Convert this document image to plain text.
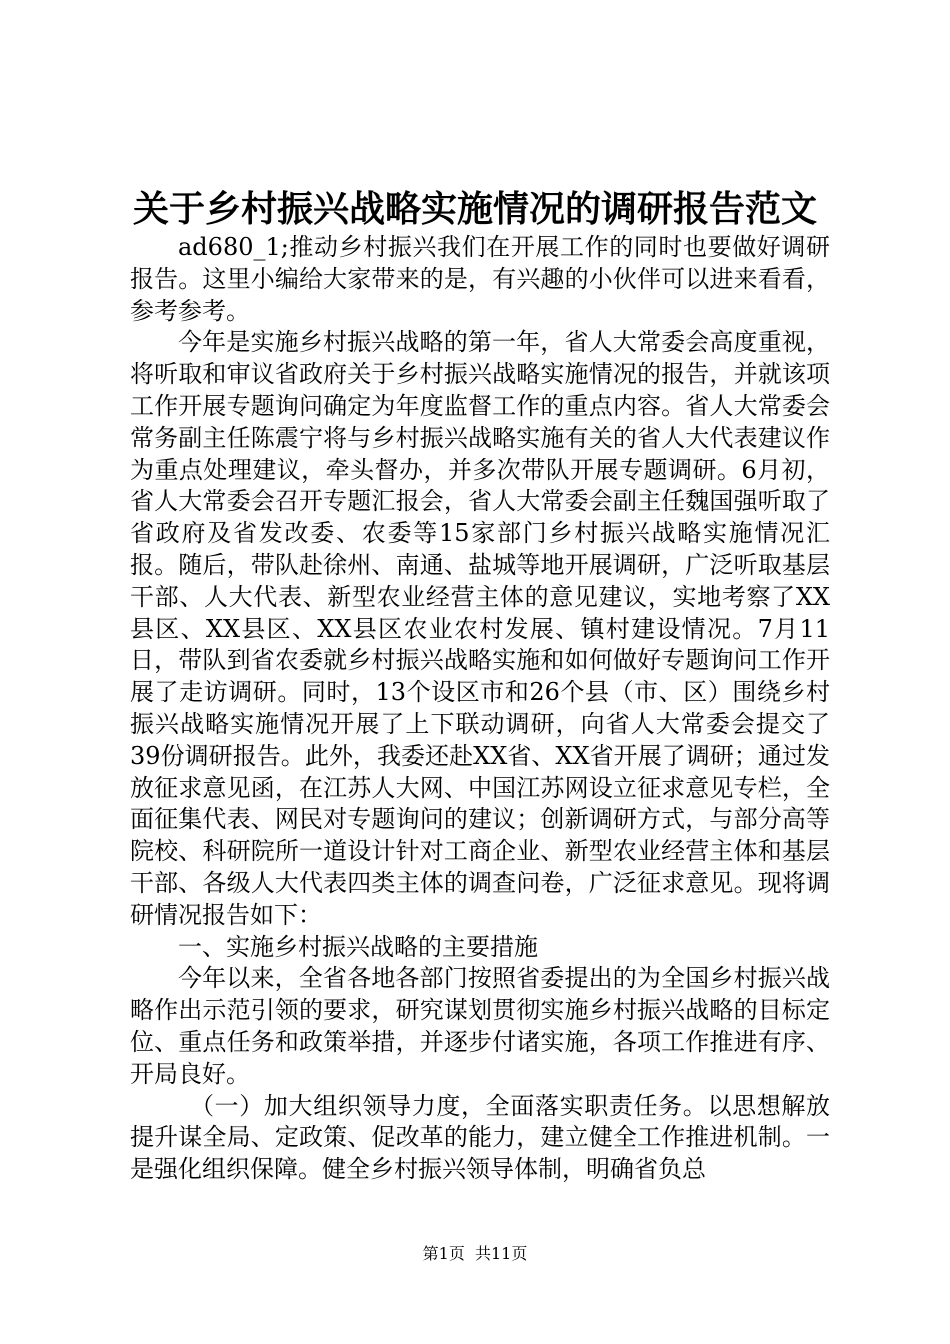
关于乡村振兴战略实施情况的调研报告范文

ad680_1;推动乡村振兴我们在开展工作的同时也要做好调研报告。这里小编给大家带来的是，有兴趣的小伙伴可以进来看看，参考参考。

今年是实施乡村振兴战略的第一年，省人大常委会高度重视，将听取和审议省政府关于乡村振兴战略实施情况的报告，并就该项工作开展专题询问确定为年度监督工作的重点内容。省人大常委会常务副主任陈震宁将与乡村振兴战略实施有关的省人大代表建议作为重点处理建议，牵头督办，并多次带队开展专题调研。6月初，省人大常委会召开专题汇报会，省人大常委会副主任魏国强听取了省政府及省发改委、农委等15家部门乡村振兴战略实施情况汇报。随后，带队赴徐州、南通、盐城等地开展调研，广泛听取基层干部、人大代表、新型农业经营主体的意见建议，实地考察了XX县区、XX县区、XX县区农业农村发展、镇村建设情况。7月11日，带队到省农委就乡村振兴战略实施和如何做好专题询问工作开展了走访调研。同时，13个设区市和26个县（市、区）围绕乡村振兴战略实施情况开展了上下联动调研，向省人大常委会提交了39份调研报告。此外，我委还赴XX省、XX省开展了调研；通过发放征求意见函，在江苏人大网、中国江苏网设立征求意见专栏，全面征集代表、网民对专题询问的建议；创新调研方式，与部分高等院校、科研院所一道设计针对工商企业、新型农业经营主体和基层干部、各级人大代表四类主体的调查问卷，广泛征求意见。现将调研情况报告如下：

一、实施乡村振兴战略的主要措施

今年以来，全省各地各部门按照省委提出的为全国乡村振兴战略作出示范引领的要求，研究谋划贯彻实施乡村振兴战略的目标定位、重点任务和政策举措，并逐步付诸实施，各项工作推进有序、开局良好。

（一）加大组织领导力度，全面落实职责任务。以思想解放提升谋全局、定政策、促改革的能力，建立健全工作推进机制。一是强化组织保障。健全乡村振兴领导体制，明确省负总

第1页  共11页
